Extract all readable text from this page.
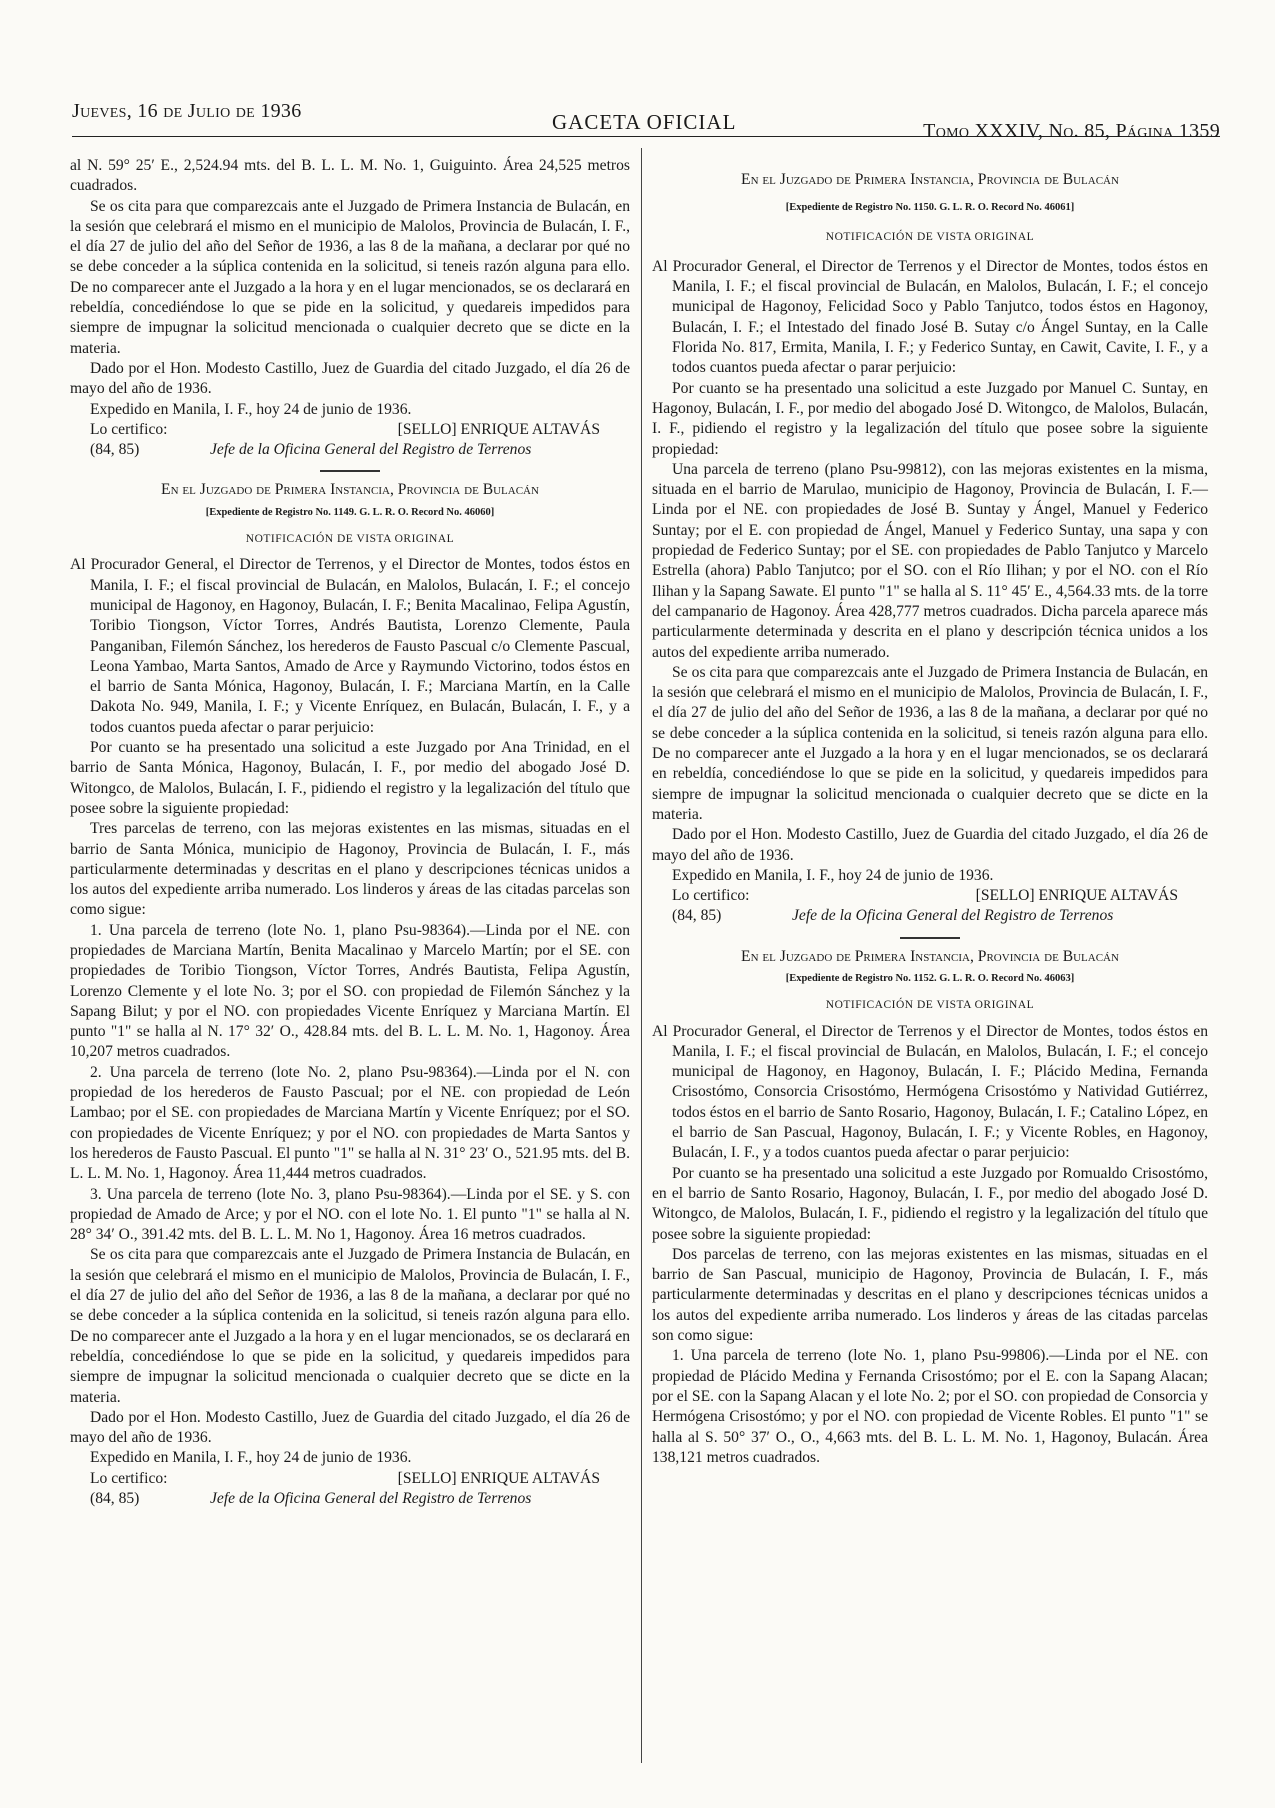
Jueves, 16 de Julio de 1936	GACETA OFICIAL	Tomo XXXIV, No. 85, Página 1359

al N. 59° 25′ E., 2,524.94 mts. del B. L. L. M. No. 1, Guiguinto. Área 24,525 metros cuadrados.

Se os cita para que comparezcais ante el Juzgado de Primera Instancia de Bulacán, en la sesión que celebrará el mismo en el municipio de Malolos, Provincia de Bulacán, I. F., el día 27 de julio del año del Señor de 1936, a las 8 de la mañana, a declarar por qué no se debe conceder a la súplica contenida en la solicitud, si teneis razón alguna para ello. De no comparecer ante el Juzgado a la hora y en el lugar mencionados, se os declarará en rebeldía, concediéndose lo que se pide en la solicitud, y quedareis impedidos para siempre de impugnar la solicitud mencionada o cualquier decreto que se dicte en la materia.

Dado por el Hon. Modesto Castillo, Juez de Guardia del citado Juzgado, el día 26 de mayo del año de 1936.

Expedido en Manila, I. F., hoy 24 de junio de 1936.

Lo certifico:	[SELLO] ENRIQUE ALTAVÁS
(84, 85)	Jefe de la Oficina General del Registro de Terrenos
En el Juzgado de Primera Instancia, Provincia de Bulacán
[Expediente de Registro No. 1149. G. L. R. O. Record No. 46060]
NOTIFICACIÓN DE VISTA ORIGINAL

Al Procurador General, el Director de Terrenos, y el Director de Montes, todos éstos en Manila, I. F.; el fiscal provincial de Bulacán, en Malolos, Bulacán, I. F.; el concejo municipal de Hagonoy, en Hagonoy, Bulacán, I. F.; Benita Macalinao, Felipa Agustín, Toribio Tiongson, Víctor Torres, Andrés Bautista, Lorenzo Clemente, Paula Panganiban, Filemón Sánchez, los herederos de Fausto Pascual c/o Clemente Pascual, Leona Yambao, Marta Santos, Amado de Arce y Raymundo Victorino, todos éstos en el barrio de Santa Mónica, Hagonoy, Bulacán, I. F.; Marciana Martín, en la Calle Dakota No. 949, Manila, I. F.; y Vicente Enríquez, en Bulacán, Bulacán, I. F., y a todos cuantos pueda afectar o parar perjuicio:

Por cuanto se ha presentado una solicitud a este Juzgado por Ana Trinidad, en el barrio de Santa Mónica, Hagonoy, Bulacán, I. F., por medio del abogado José D. Witongco, de Malolos, Bulacán, I. F., pidiendo el registro y la legalización del título que posee sobre la siguiente propiedad:

Tres parcelas de terreno, con las mejoras existentes en las mismas, situadas en el barrio de Santa Mónica, municipio de Hagonoy, Provincia de Bulacán, I. F., más particularmente determinadas y descritas en el plano y descripciones técnicas unidos a los autos del expediente arriba numerado. Los linderos y áreas de las citadas parcelas son como sigue:

1. Una parcela de terreno (lote No. 1, plano Psu-98364).—Linda por el NE. con propiedades de Marciana Martín, Benita Macalinao y Marcelo Martín; por el SE. con propiedades de Toribio Tiongson, Víctor Torres, Andrés Bautista, Felipa Agustín, Lorenzo Clemente y el lote No. 3; por el SO. con propiedad de Filemón Sánchez y la Sapang Bilut; y por el NO. con propiedades Vicente Enríquez y Marciana Martín. El punto "1" se halla al N. 17° 32′ O., 428.84 mts. del B. L. L. M. No. 1, Hagonoy. Área 10,207 metros cuadrados.

2. Una parcela de terreno (lote No. 2, plano Psu-98364).—Linda por el N. con propiedad de los herederos de Fausto Pascual; por el NE. con propiedad de León Lambao; por el SE. con propiedades de Marciana Martín y Vicente Enríquez; por el SO. con propiedades de Vicente Enríquez; y por el NO. con propiedades de Marta Santos y los herederos de Fausto Pascual. El punto "1" se halla al N. 31° 23′ O., 521.95 mts. del B. L. L. M. No. 1, Hagonoy. Área 11,444 metros cuadrados.

3. Una parcela de terreno (lote No. 3, plano Psu-98364).—Linda por el SE. y S. con propiedad de Amado de Arce; y por el NO. con el lote No. 1. El punto "1" se halla al N. 28° 34′ O., 391.42 mts. del B. L. L. M. No 1, Hagonoy. Área 16 metros cuadrados.

Se os cita para que comparezcais ante el Juzgado de Primera Instancia de Bulacán, en la sesión que celebrará el mismo en el municipio de Malolos, Provincia de Bulacán, I. F., el día 27 de julio del año del Señor de 1936, a las 8 de la mañana, a declarar por qué no se debe conceder a la súplica contenida en la solicitud, si teneis razón alguna para ello. De no comparecer ante el Juzgado a la hora y en el lugar mencionados, se os declarará en rebeldía, concediéndose lo que se pide en la solicitud, y quedareis impedidos para siempre de impugnar la solicitud mencionada o cualquier decreto que se dicte en la materia.

Dado por el Hon. Modesto Castillo, Juez de Guardia del citado Juzgado, el día 26 de mayo del año de 1936.

Expedido en Manila, I. F., hoy 24 de junio de 1936.

Lo certifico:	[SELLO] ENRIQUE ALTAVÁS
(84, 85)	Jefe de la Oficina General del Registro de Terrenos
En el Juzgado de Primera Instancia, Provincia de Bulacán
[Expediente de Registro No. 1150. G. L. R. O. Record No. 46061]
NOTIFICACIÓN DE VISTA ORIGINAL

Al Procurador General, el Director de Terrenos y el Director de Montes, todos éstos en Manila, I. F.; el fiscal provincial de Bulacán, en Malolos, Bulacán, I. F.; el concejo municipal de Hagonoy, Felicidad Soco y Pablo Tanjutco, todos éstos en Hagonoy, Bulacán, I. F.; el Intestado del finado José B. Sutay c/o Ángel Suntay, en la Calle Florida No. 817, Ermita, Manila, I. F.; y Federico Suntay, en Cawit, Cavite, I. F., y a todos cuantos pueda afectar o parar perjuicio:

Por cuanto se ha presentado una solicitud a este Juzgado por Manuel C. Suntay, en Hagonoy, Bulacán, I. F., por medio del abogado José D. Witongco, de Malolos, Bulacán, I. F., pidiendo el registro y la legalización del título que posee sobre la siguiente propiedad:

Una parcela de terreno (plano Psu-99812), con las mejoras existentes en la misma, situada en el barrio de Marulao, municipio de Hagonoy, Provincia de Bulacán, I. F.—Linda por el NE. con propiedades de José B. Suntay y Ángel, Manuel y Federico Suntay; por el E. con propiedad de Ángel, Manuel y Federico Suntay, una sapa y con propiedad de Federico Suntay; por el SE. con propiedades de Pablo Tanjutco y Marcelo Estrella (ahora) Pablo Tanjutco; por el SO. con el Río Ilihan; y por el NO. con el Río Ilihan y la Sapang Sawate. El punto "1" se halla al S. 11° 45′ E., 4,564.33 mts. de la torre del campanario de Hagonoy. Área 428,777 metros cuadrados. Dicha parcela aparece más particularmente determinada y descrita en el plano y descripción técnica unidos a los autos del expediente arriba numerado.

Se os cita para que comparezcais ante el Juzgado de Primera Instancia de Bulacán, en la sesión que celebrará el mismo en el municipio de Malolos, Provincia de Bulacán, I. F., el día 27 de julio del año del Señor de 1936, a las 8 de la mañana, a declarar por qué no se debe conceder a la súplica contenida en la solicitud, si teneis razón alguna para ello. De no comparecer ante el Juzgado a la hora y en el lugar mencionados, se os declarará en rebeldía, concediéndose lo que se pide en la solicitud, y quedareis impedidos para siempre de impugnar la solicitud mencionada o cualquier decreto que se dicte en la materia.

Dado por el Hon. Modesto Castillo, Juez de Guardia del citado Juzgado, el día 26 de mayo del año de 1936.

Expedido en Manila, I. F., hoy 24 de junio de 1936.

Lo certifico:	[SELLO] ENRIQUE ALTAVÁS
(84, 85)	Jefe de la Oficina General del Registro de Terrenos
En el Juzgado de Primera Instancia, Provincia de Bulacán
[Expediente de Registro No. 1152. G. L. R. O. Record No. 46063]
NOTIFICACIÓN DE VISTA ORIGINAL

Al Procurador General, el Director de Terrenos y el Director de Montes, todos éstos en Manila, I. F.; el fiscal provincial de Bulacán, en Malolos, Bulacán, I. F.; el concejo municipal de Hagonoy, en Hagonoy, Bulacán, I. F.; Plácido Medina, Fernanda Crisostómo, Consorcia Crisostómo, Hermógena Crisostómo y Natividad Gutiérrez, todos éstos en el barrio de Santo Rosario, Hagonoy, Bulacán, I. F.; Catalino López, en el barrio de San Pascual, Hagonoy, Bulacán, I. F.; y Vicente Robles, en Hagonoy, Bulacán, I. F., y a todos cuantos pueda afectar o parar perjuicio:

Por cuanto se ha presentado una solicitud a este Juzgado por Romualdo Crisostómo, en el barrio de Santo Rosario, Hagonoy, Bulacán, I. F., por medio del abogado José D. Witongco, de Malolos, Bulacán, I. F., pidiendo el registro y la legalización del título que posee sobre la siguiente propiedad:

Dos parcelas de terreno, con las mejoras existentes en las mismas, situadas en el barrio de San Pascual, municipio de Hagonoy, Provincia de Bulacán, I. F., más particularmente determinadas y descritas en el plano y descripciones técnicas unidos a los autos del expediente arriba numerado. Los linderos y áreas de las citadas parcelas son como sigue:

1. Una parcela de terreno (lote No. 1, plano Psu-99806).—Linda por el NE. con propiedad de Plácido Medina y Fernanda Crisostómo; por el E. con la Sapang Alacan; por el SE. con la Sapang Alacan y el lote No. 2; por el SO. con propiedad de Consorcia y Hermógena Crisostómo; y por el NO. con propiedad de Vicente Robles. El punto "1" se halla al S. 50° 37′ O., O., 4,663 mts. del B. L. L. M. No. 1, Hagonoy, Bulacán. Área 138,121 metros cuadrados.
